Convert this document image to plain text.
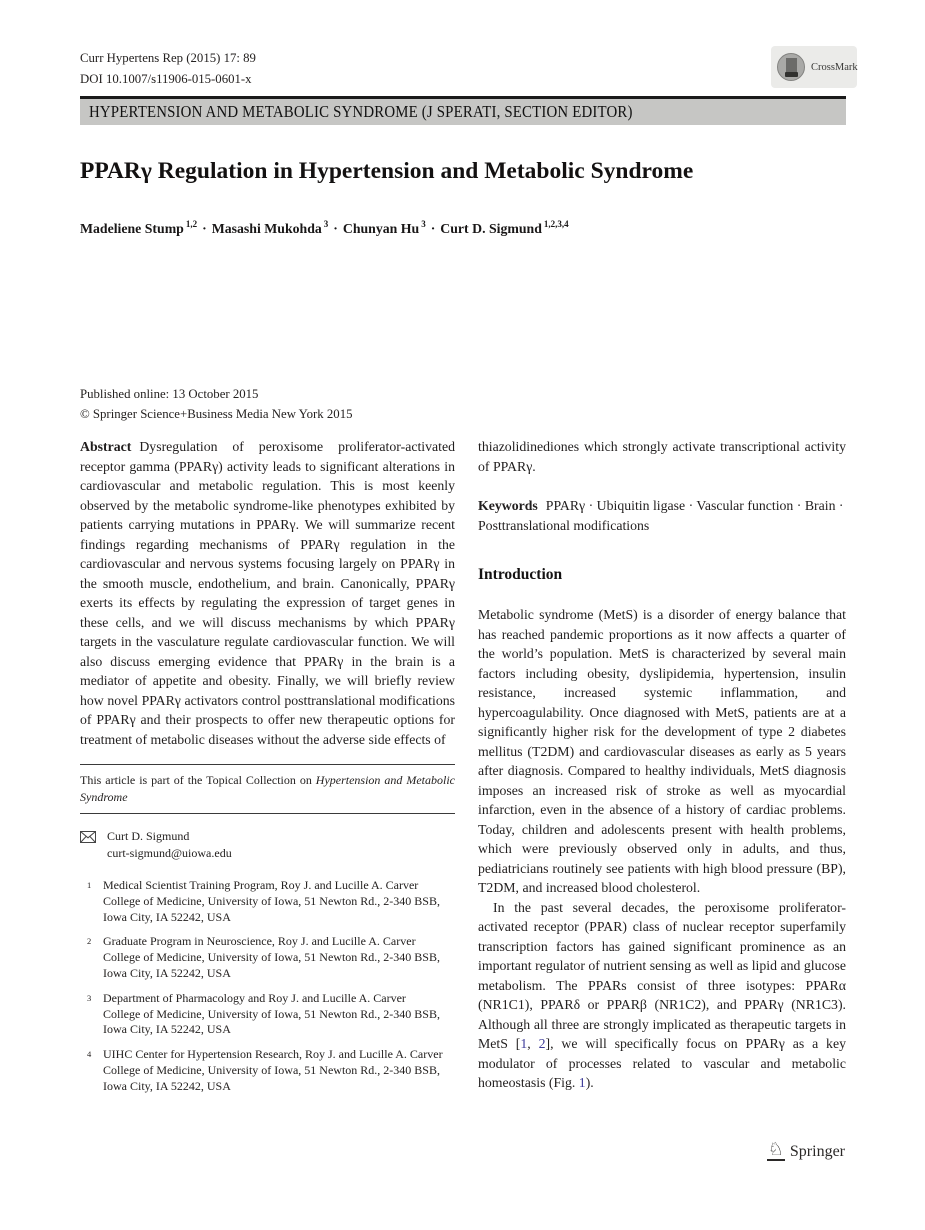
Curr Hypertens Rep (2015) 17: 89
DOI 10.1007/s11906-015-0601-x
CrossMark
HYPERTENSION AND METABOLIC SYNDROME (J SPERATI, SECTION EDITOR)
PPARγ Regulation in Hypertension and Metabolic Syndrome
Madeliene Stump $^{1,2}$ · Masashi Mukohda $^3$ · Chunyan Hu $^3$ · Curt D. Sigmund $^{1,2,3,4}$
Published online: 13 October 2015
© Springer Science+Business Media New York 2015

Abstract Dysregulation of peroxisome proliferator-activated receptor gamma (PPARγ) activity leads to significant alterations in cardiovascular and metabolic regulation. This is most keenly observed by the metabolic syndrome-like phenotypes exhibited by patients carrying mutations in PPARγ. We will summarize recent findings regarding mechanisms of PPARγ regulation in the cardiovascular and nervous systems focusing largely on PPARγ in the smooth muscle, endothelium, and brain. Canonically, PPARγ exerts its effects by regulating the expression of target genes in these cells, and we will discuss mechanisms by which PPARγ targets in the vasculature regulate cardiovascular function. We will also discuss emerging evidence that PPARγ in the brain is a mediator of appetite and obesity. Finally, we will briefly review how novel PPARγ activators control posttranslational modifications of PPARγ and their prospects to offer new therapeutic options for treatment of metabolic diseases without the adverse side effects of

This article is part of the Topical Collection on Hypertension and Metabolic Syndrome

Curt D. Sigmund
curt-sigmund@uiowa.edu
1 Medical Scientist Training Program, Roy J. and Lucille A. Carver College of Medicine, University of Iowa, 51 Newton Rd., 2-340 BSB, Iowa City, IA 52242, USA
2 Graduate Program in Neuroscience, Roy J. and Lucille A. Carver College of Medicine, University of Iowa, 51 Newton Rd., 2-340 BSB, Iowa City, IA 52242, USA
3 Department of Pharmacology and Roy J. and Lucille A. Carver College of Medicine, University of Iowa, 51 Newton Rd., 2-340 BSB, Iowa City, IA 52242, USA
4 UIHC Center for Hypertension Research, Roy J. and Lucille A. Carver College of Medicine, University of Iowa, 51 Newton Rd., 2-340 BSB, Iowa City, IA 52242, USA

thiazolidinediones which strongly activate transcriptional activity of PPARγ.

Keywords PPARγ · Ubiquitin ligase · Vascular function · Brain · Posttranslational modifications

Introduction

Metabolic syndrome (MetS) is a disorder of energy balance that has reached pandemic proportions as it now affects a quarter of the world’s population. MetS is characterized by several main factors including obesity, dyslipidemia, hypertension, insulin resistance, increased systemic inflammation, and hypercoagulability. Once diagnosed with MetS, patients are at a significantly higher risk for the development of type 2 diabetes mellitus (T2DM) and cardiovascular diseases as early as 5 years after diagnosis. Compared to healthy individuals, MetS diagnosis imposes an increased risk of stroke as well as myocardial infarction, even in the absence of a history of cardiac problems. Today, children and adolescents present with health problems, which were previously observed only in adults, and thus, pediatricians routinely see patients with high blood pressure (BP), T2DM, and increased blood cholesterol.

In the past several decades, the peroxisome proliferator-activated receptor (PPAR) class of nuclear receptor superfamily transcription factors has gained significant prominence as an important regulator of nutrient sensing as well as lipid and glucose metabolism. The PPARs consist of three isotypes: PPARα (NR1C1), PPARδ or PPARβ (NR1C2), and PPARγ (NR1C3). Although all three are strongly implicated as therapeutic targets in MetS [1, 2], we will specifically focus on PPARγ as a key modulator of processes related to vascular and metabolic homeostasis (Fig. 1).

♘ Springer
